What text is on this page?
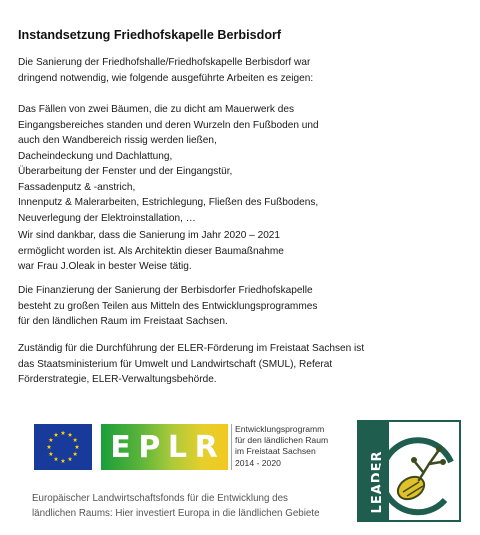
Instandsetzung Friedhofskapelle Berbisdorf

Die Sanierung der Friedhofshalle/Friedhofskapelle Berbisdorf war
dringend notwendig, wie folgende ausgeführte Arbeiten es zeigen:

Das Fällen von zwei Bäumen, die zu dicht am Mauerwerk des
Eingangsbereiches standen und deren Wurzeln den Fußboden und
auch den Wandbereich rissig werden ließen,
Dacheindeckung und Dachlattung,
Überarbeitung der Fenster und der Eingangstür,
Fassadenputz & -anstrich,
Innenputz & Malerarbeiten, Estrichlegung, Fließen des Fußbodens,
Neuverlegung der Elektroinstallation, …

Wir sind dankbar, dass die Sanierung im Jahr 2020 – 2021
ermöglicht worden ist. Als Architektin dieser Baumaßnahme
war Frau J.Oleak in bester Weise tätig.

Die Finanzierung der Sanierung der Berbisdorfer Friedhofskapelle
besteht zu großen Teilen aus Mitteln des Entwicklungsprogrammes
für den ländlichen Raum im Freistaat Sachsen.

Zuständig für die Durchführung der ELER-Förderung im Freistaat Sachsen ist
das Staatsministerium für Umwelt und Landwirtschaft (SMUL), Referat
Förderstrategie, ELER-Verwaltungsbehörde.

E P L R
Entwicklungsprogramm
für den ländlichen Raum
im Freistaat Sachsen
2014 - 2020
Europäischer Landwirtschaftsfonds für die Entwicklung des
ländlichen Raums: Hier investiert Europa in die ländlichen Gebiete
LEADER
